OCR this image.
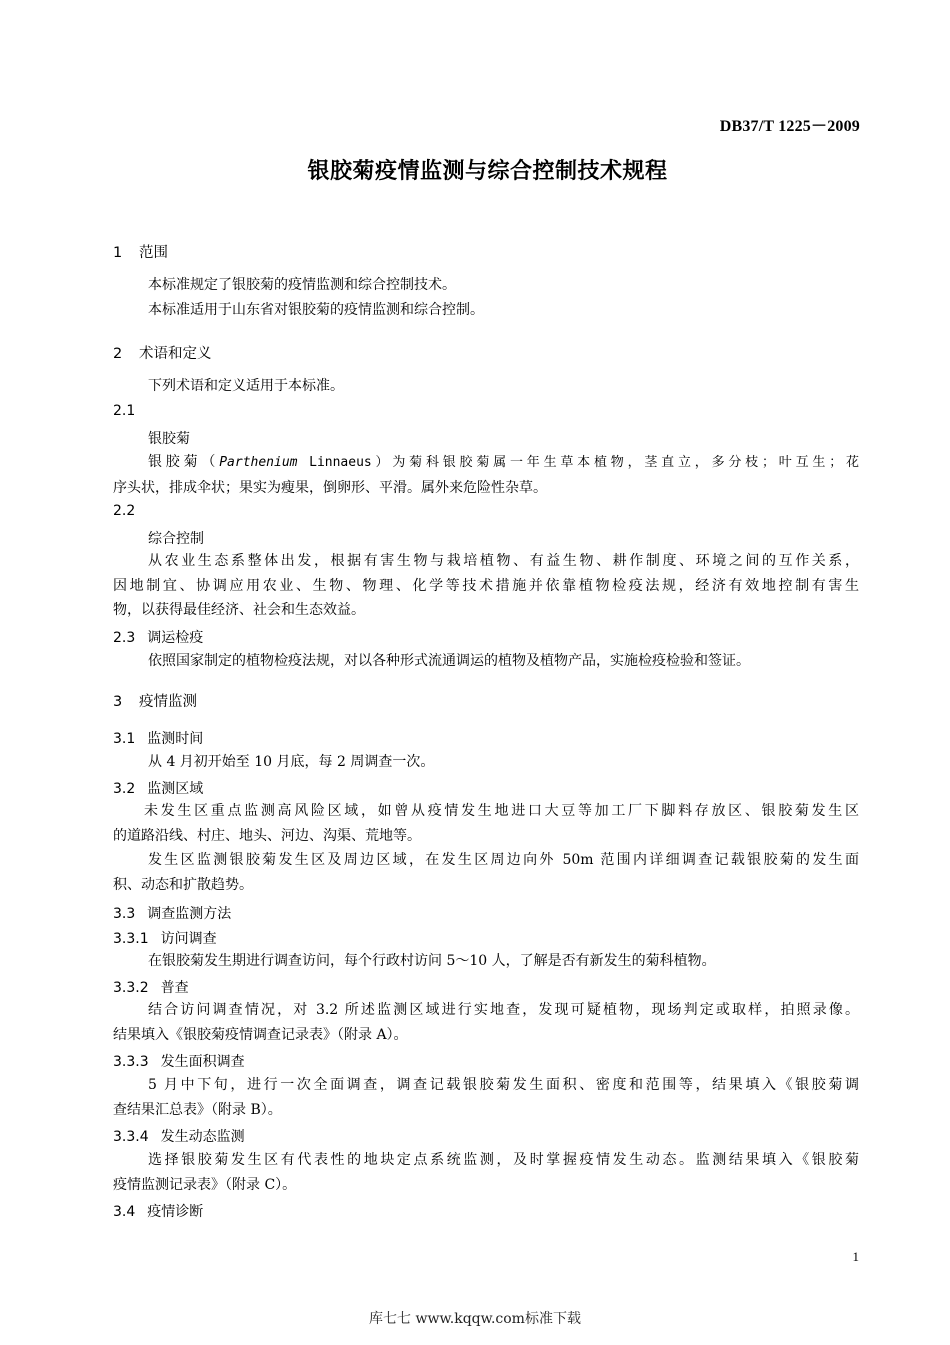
DB37/T 1225－2009
银胶菊疫情监测与综合控制技术规程
1 范围
本标准规定了银胶菊的疫情监测和综合控制技术。
本标准适用于山东省对银胶菊的疫情监测和综合控制。
2 术语和定义
下列术语和定义适用于本标准。
2.1
银胶菊
银胶菊（Parthenium Linnaeus）为菊科银胶菊属一年生草本植物，茎直立，多分枝；叶互生；花
序头状，排成伞状；果实为瘦果，倒卵形、平滑。属外来危险性杂草。
2.2
综合控制
从农业生态系整体出发，根据有害生物与栽培植物、有益生物、耕作制度、环境之间的互作关系，
因地制宜、协调应用农业、生物、物理、化学等技术措施并依靠植物检疫法规，经济有效地控制有害生
物，以获得最佳经济、社会和生态效益。
2.3 调运检疫
依照国家制定的植物检疫法规，对以各种形式流通调运的植物及植物产品，实施检疫检验和签证。
3 疫情监测
3.1 监测时间
从 4 月初开始至 10 月底，每 2 周调查一次。
3.2 监测区域
未发生区重点监测高风险区域，如曾从疫情发生地进口大豆等加工厂下脚料存放区、银胶菊发生区
的道路沿线、村庄、地头、河边、沟渠、荒地等。
发生区监测银胶菊发生区及周边区域，在发生区周边向外 50m 范围内详细调查记载银胶菊的发生面
积、动态和扩散趋势。
3.3 调查监测方法
3.3.1 访问调查
在银胶菊发生期进行调查访问，每个行政村访问 5～10 人，了解是否有新发生的菊科植物。
3.3.2 普查
结合访问调查情况，对 3.2 所述监测区域进行实地查，发现可疑植物，现场判定或取样，拍照录像。
结果填入《银胶菊疫情调查记录表》（附录 A）。
3.3.3 发生面积调查
5 月中下旬，进行一次全面调查，调查记载银胶菊发生面积、密度和范围等，结果填入《银胶菊调
查结果汇总表》（附录 B）。
3.3.4 发生动态监测
选择银胶菊发生区有代表性的地块定点系统监测，及时掌握疫情发生动态。监测结果填入《银胶菊
疫情监测记录表》（附录 C）。
3.4 疫情诊断
1
库七七 www.kqqw.com标准下载
